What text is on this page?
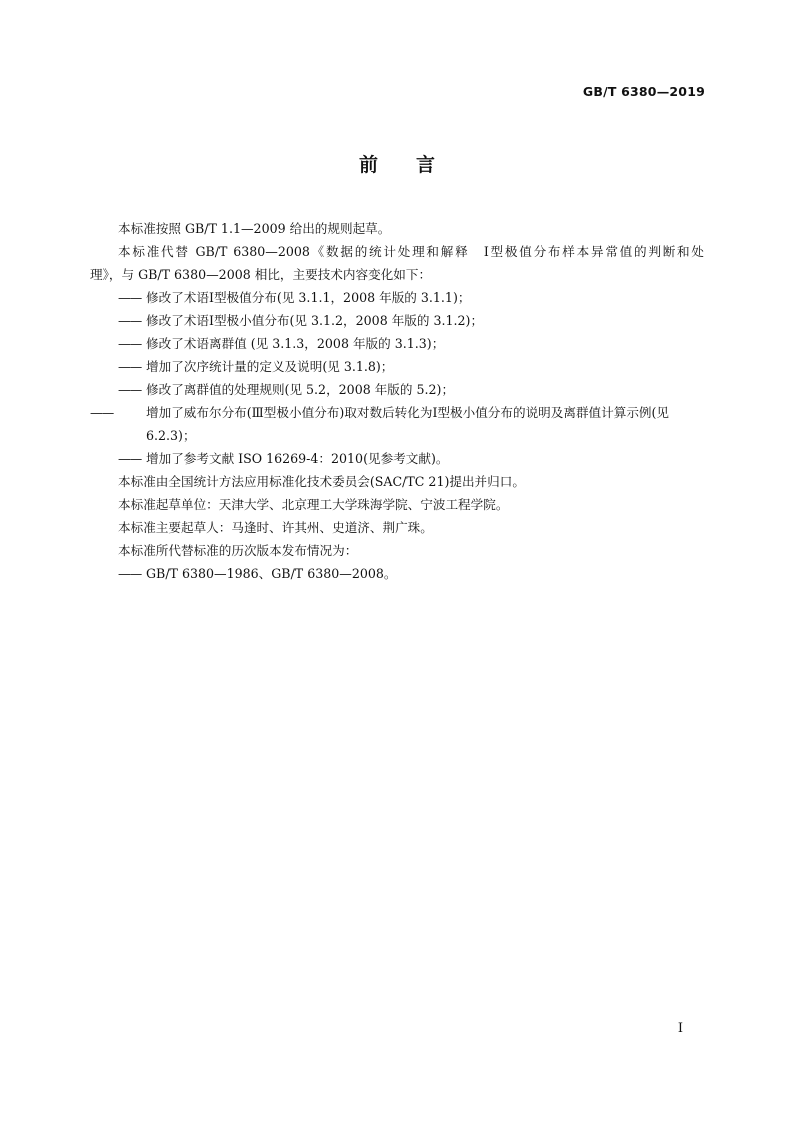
GB/T 6380—2019
前 言

本标准按照 GB/T 1.1—2009 给出的规则起草。

本标准代替 GB/T 6380—2008《数据的统计处理和解释　Ⅰ型极值分布样本异常值的判断和处

理》，与 GB/T 6380—2008 相比，主要技术内容变化如下：

—— 修改了术语Ⅰ型极值分布(见 3.1.1，2008 年版的 3.1.1)；

—— 修改了术语Ⅰ型极小值分布(见 3.1.2，2008 年版的 3.1.2)；

—— 修改了术语离群值 (见 3.1.3，2008 年版的 3.1.3)；

—— 增加了次序统计量的定义及说明(见 3.1.8)；

—— 修改了离群值的处理规则(见 5.2，2008 年版的 5.2)；

——	增加了威布尔分布(Ⅲ型极小值分布)取对数后转化为Ⅰ型极小值分布的说明及离群值计算示例(见 6.2.3)；

—— 增加了参考文献 ISO 16269-4：2010(见参考文献)。

本标准由全国统计方法应用标准化技术委员会(SAC/TC 21)提出并归口。

本标准起草单位：天津大学、北京理工大学珠海学院、宁波工程学院。

本标准主要起草人：马逢时、许其州、史道济、荆广珠。

本标准所代替标准的历次版本发布情况为：

—— GB/T 6380—1986、GB/T 6380—2008。

Ⅰ
